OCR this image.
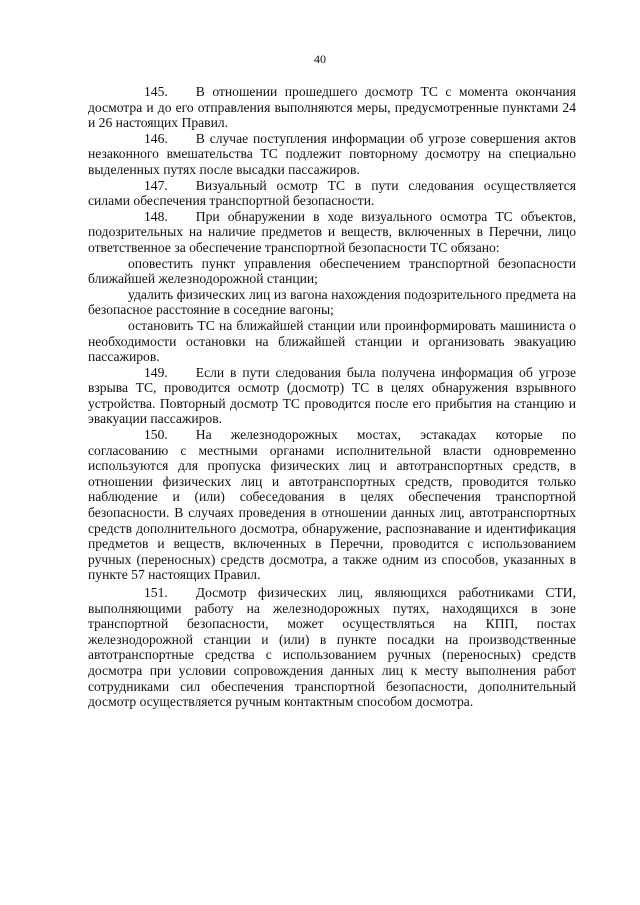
40

145. В отношении прошедшего досмотр ТС с момента окончания досмотра и до его отправления выполняются меры, предусмотренные пунктами 24 и 26 настоящих Правил.

146. В случае поступления информации об угрозе совершения актов незаконного вмешательства ТС подлежит повторному досмотру на специально выделенных путях после высадки пассажиров.

147. Визуальный осмотр ТС в пути следования осуществляется силами обеспечения транспортной безопасности.

148. При обнаружении в ходе визуального осмотра ТС объектов, подозрительных на наличие предметов и веществ, включенных в Перечни, лицо ответственное за обеспечение транспортной безопасности ТС обязано:

оповестить пункт управления обеспечением транспортной безопасности ближайшей железнодорожной станции;

удалить физических лиц из вагона нахождения подозрительного предмета на безопасное расстояние в соседние вагоны;

остановить ТС на ближайшей станции или проинформировать машиниста о необходимости остановки на ближайшей станции и организовать эвакуацию пассажиров.

149. Если в пути следования была получена информация об угрозе взрыва ТС, проводится осмотр (досмотр) ТС в целях обнаружения взрывного устройства. Повторный досмотр ТС проводится после его прибытия на станцию и эвакуации пассажиров.

150. На железнодорожных мостах, эстакадах которые по согласованию с местными органами исполнительной власти одновременно используются для пропуска физических лиц и автотранспортных средств, в отношении физических лиц и автотранспортных средств, проводится только наблюдение и (или) собеседования в целях обеспечения транспортной безопасности. В случаях проведения в отношении данных лиц, автотранспортных средств дополнительного досмотра, обнаружение, распознавание и идентификация предметов и веществ, включенных в Перечни, проводится с использованием ручных (переносных) средств досмотра, а также одним из способов, указанных в пункте 57 настоящих Правил.

151. Досмотр физических лиц, являющихся работниками СТИ, выполняющими работу на железнодорожных путях, находящихся в зоне транспортной безопасности, может осуществляться на КПП, постах железнодорожной станции и (или) в пункте посадки на производственные автотранспортные средства с использованием ручных (переносных) средств досмотра при условии сопровождения данных лиц к месту выполнения работ сотрудниками сил обеспечения транспортной безопасности, дополнительный досмотр осуществляется ручным контактным способом досмотра.
